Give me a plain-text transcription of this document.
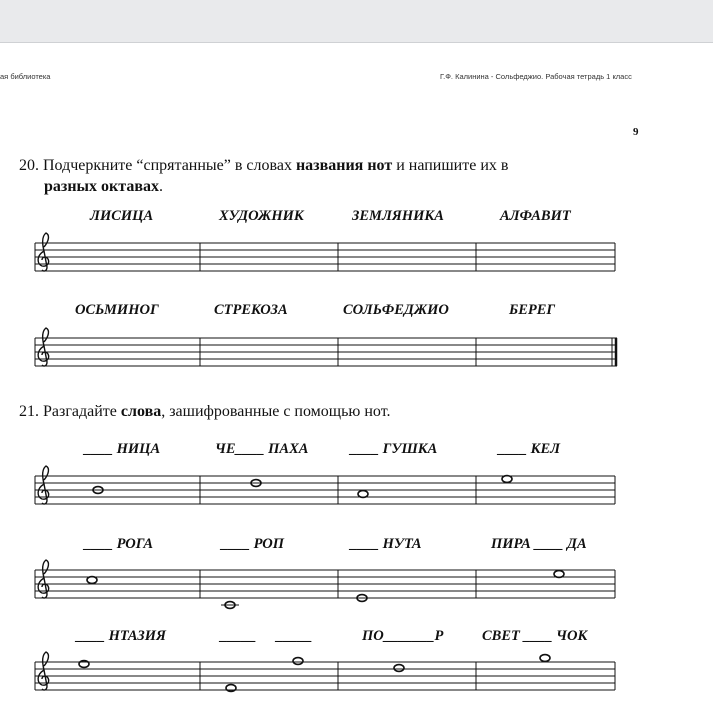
ая библиотека	Г.Ф. Калинина - Сольфеджио. Рабочая тетрадь 1 класс
9
20. Подчеркните “спрятанные” в словах названия нот и напишите их в
разных октавах.
ЛИСИЦА	ХУДОЖНИК	ЗЕМЛЯНИКА	АЛФАВИТ
ОСЬМИНОГ	СТРЕКОЗА	СОЛЬФЕДЖИО	БЕРЕГ
21. Разгадайте слова, зашифрованные с помощью нот.
____ НИЦА	ЧЕ____ ПАХА	____ ГУШКА	____ КЕЛ
____ РОГА	____ РОП	____ НУТА	ПИРА ____ ДА
____ НТАЗИЯ	_____ _____	ПО_______Р	СВЕТ ____ ЧОК
